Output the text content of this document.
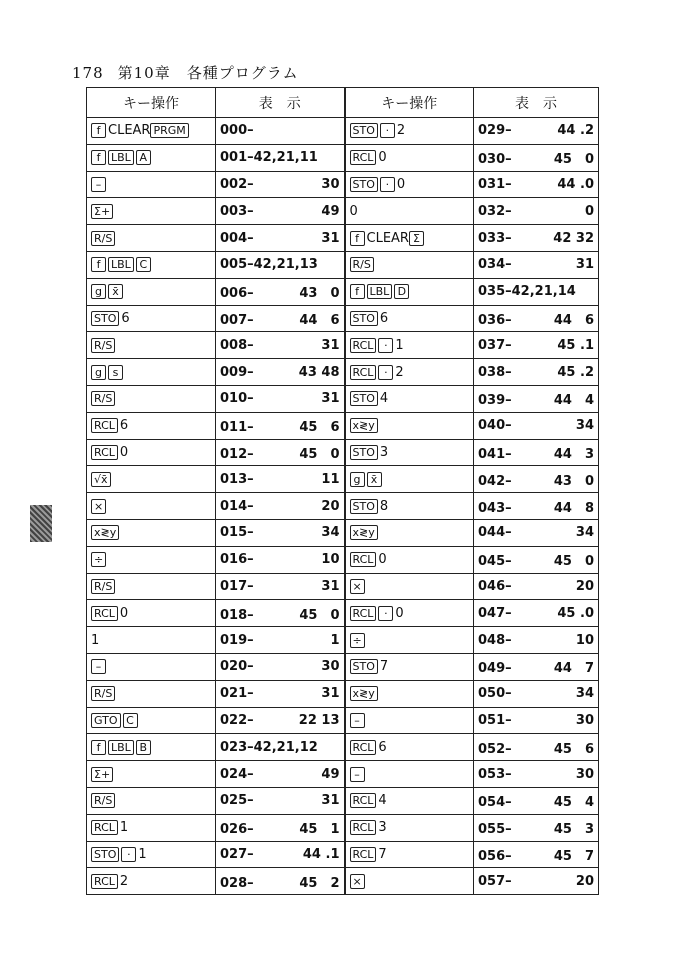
178 第10章　各種プログラム
キー操作	表　示	キー操作	表　示
f CLEAR PRGM	000–	STO · 2	029– 44 .2

f LBL A	001–42,21,11	RCL 0	030– 45　0

–	002– 30	STO · 0	031– 44 .0

Σ+	003– 49	0	032– 0

R/S	004– 31	f CLEAR Σ	033– 42 32

f LBL C	005–42,21,13	R/S	034– 31

g x̄	006– 43　0	f LBL D	035–42,21,14

STO 6	007– 44　6	STO 6	036– 44　6

R/S	008– 31	RCL · 1	037– 45 .1

g s	009– 43 48	RCL · 2	038– 45 .2

R/S	010– 31	STO 4	039– 44　4

RCL 6	011– 45　6	x≷y	040– 34

RCL 0	012– 45　0	STO 3	041– 44　3

√x̄	013– 11	g x̄	042– 43　0

×	014– 20	STO 8	043– 44　8

x≷y	015– 34	x≷y	044– 34

÷	016– 10	RCL 0	045– 45　0

R/S	017– 31	×	046– 20

RCL 0	018– 45　0	RCL · 0	047– 45 .0

1	019– 1	÷	048– 10

–	020– 30	STO 7	049– 44　7

R/S	021– 31	x≷y	050– 34

GTO C	022– 22 13	–	051– 30

f LBL B	023–42,21,12	RCL 6	052– 45　6

Σ+	024– 49	–	053– 30

R/S	025– 31	RCL 4	054– 45　4

RCL 1	026– 45　1	RCL 3	055– 45　3

STO · 1	027– 44 .1	RCL 7	056– 45　7

RCL 2	028– 45　2	×	057– 20
